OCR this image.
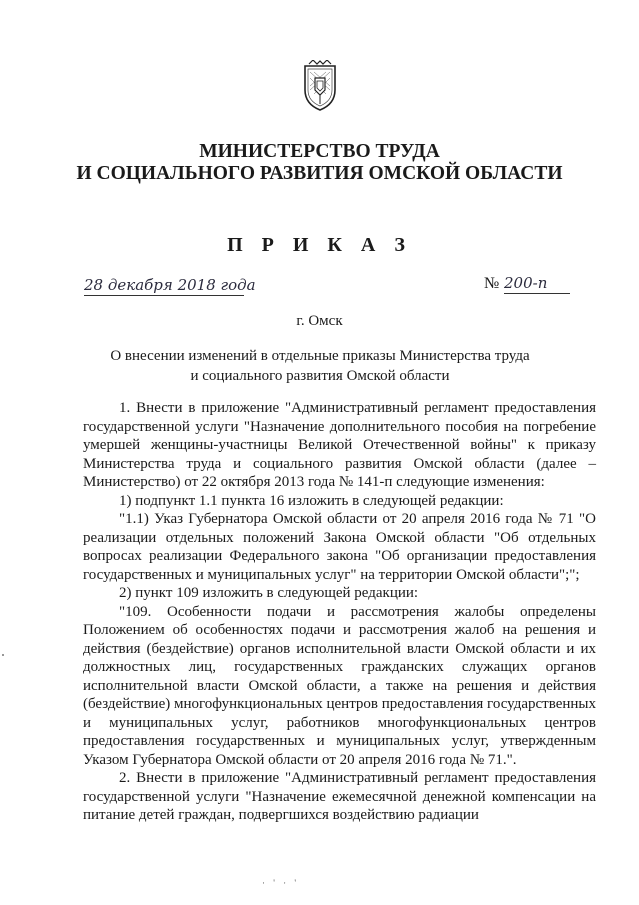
МИНИСТЕРСТВО ТРУДА
И СОЦИАЛЬНОГО РАЗВИТИЯ ОМСКОЙ ОБЛАСТИ
П Р И К А З
28 декабря 2018 года	№ 200-п
г. Омск
О внесении изменений в отдельные приказы Министерства труда
и социального развития Омской области

1. Внести в приложение "Административный регламент предоставления государственной услуги "Назначение дополнительного пособия на погребение умершей женщины-участницы Великой Отечественной войны" к приказу Министерства труда и социального развития Омской области (далее – Министерство) от 22 октября 2013 года № 141-п следующие изменения:

1) подпункт 1.1 пункта 16 изложить в следующей редакции:

"1.1) Указ Губернатора Омской области от 20 апреля 2016 года № 71 "О реализации отдельных положений Закона Омской области "Об отдельных вопросах реализации Федерального закона "Об организации предоставления государственных и муниципальных услуг" на территории Омской области";";

2) пункт 109 изложить в следующей редакции:

"109. Особенности подачи и рассмотрения жалобы определены Положением об особенностях подачи и рассмотрения жалоб на решения и действия (бездействие) органов исполнительной власти Омской области и их должностных лиц, государственных гражданских служащих органов исполнительной власти Омской области, а также на решения и действия (бездействие) многофункциональных центров предоставления государственных и муниципальных услуг, работников многофункциональных центров предоставления государственных и муниципальных услуг, утвержденным Указом Губернатора Омской области от 20 апреля 2016 года № 71.".

2. Внести в приложение "Административный регламент предоставления государственной услуги "Назначение ежемесячной денежной компенсации на питание детей граждан, подвергшихся воздействию радиации

· ' · '
